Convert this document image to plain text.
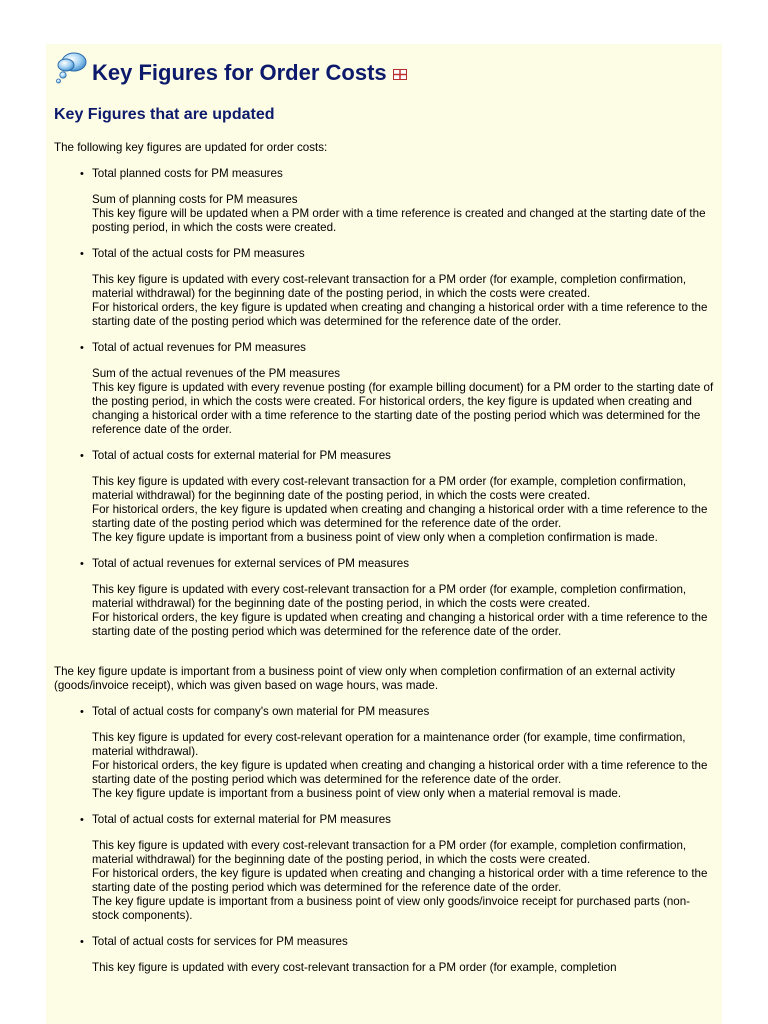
Key Figures for Order Costs
Key Figures that are updated

The following key figures are updated for order costs:

• Total planned costs for PM measures

Sum of planning costs for PM measures

This key figure will be updated when a PM order with a time reference is created and changed at the starting date of the posting period, in which the costs were created.

• Total of the actual costs for PM measures

This key figure is updated with every cost-relevant transaction for a PM order (for example, completion confirmation, material withdrawal) for the beginning date of the posting period, in which the costs were created.

For historical orders, the key figure is updated when creating and changing a historical order with a time reference to the starting date of the posting period which was determined for the reference date of the order.

• Total of actual revenues for PM measures

Sum of the actual revenues of the PM measures

This key figure is updated with every revenue posting (for example billing document) for a PM order to the starting date of the posting period, in which the costs were created. For historical orders, the key figure is updated when creating and changing a historical order with a time reference to the starting date of the posting period which was determined for the reference date of the order.

• Total of actual costs for external material for PM measures

This key figure is updated with every cost-relevant transaction for a PM order (for example, completion confirmation, material withdrawal) for the beginning date of the posting period, in which the costs were created.

For historical orders, the key figure is updated when creating and changing a historical order with a time reference to the starting date of the posting period which was determined for the reference date of the order.

The key figure update is important from a business point of view only when a completion confirmation is made.

• Total of actual revenues for external services of PM measures

This key figure is updated with every cost-relevant transaction for a PM order (for example, completion confirmation, material withdrawal) for the beginning date of the posting period, in which the costs were created.

For historical orders, the key figure is updated when creating and changing a historical order with a time reference to the starting date of the posting period which was determined for the reference date of the order.

The key figure update is important from a business point of view only when completion confirmation of an external activity (goods/invoice receipt), which was given based on wage hours, was made.

• Total of actual costs for company's own material for PM measures

This key figure is updated for every cost-relevant operation for a maintenance order (for example, time confirmation, material withdrawal).

For historical orders, the key figure is updated when creating and changing a historical order with a time reference to the starting date of the posting period which was determined for the reference date of the order.

The key figure update is important from a business point of view only when a material removal is made.

• Total of actual costs for external material for PM measures

This key figure is updated with every cost-relevant transaction for a PM order (for example, completion confirmation, material withdrawal) for the beginning date of the posting period, in which the costs were created.

For historical orders, the key figure is updated when creating and changing a historical order with a time reference to the starting date of the posting period which was determined for the reference date of the order.

The key figure update is important from a business point of view only goods/invoice receipt for purchased parts (non-stock components).

• Total of actual costs for services for PM measures

This key figure is updated with every cost-relevant transaction for a PM order (for example, completion
